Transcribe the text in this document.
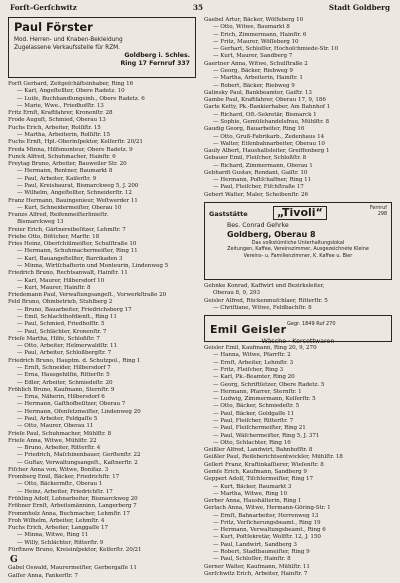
Forſt–Gerſchwitz	35	Stadt Goldberg
Paul Förster
Mod. Herren- und Knaben-Bekleidung
Zugelassene Verkaufsstelle für RZM.
Goldberg i. Schles.
Ring 17 Fernruf 337
Forſt Gerhard, Zeitgeſchäftsinhaber, Ring 16
— Karl, Angeſtellter, Obere Radetz. 10
— Luiſe, Buchhandlungsinh., Obere Radetz. 6
— Marie, Wwe., Friedhofſtr. 13
Fritz Ernſt, Kraftfahrer, Kronenſtr. 28
Frode Auguſt, Schmied, Oberau 13
Fuchs Erich, Arbeiter, Rolſiſtr. 15
— Martha, Arbeiterin, Rolſiſtr. 15
Fuchs Ernſt, Hpl.-Oberinſpektor, Kelſerſtr. 20/21
Freda Minna, Hilfsmonteur, Obere Radetz. 9
Funck Alfred, Schuhmacher, Hainſtr. 6
Freytag Bruno, Arbeiter, Bauweiler Str. 20
— Hermann, Rentner, Baumarkt 8
— Paul, Arbeiter, Kaiſerſtr. 9
— Paul, Kreisbaurat, Bismarckweg 5, J. 200
— Wilhelm, Angeſtellter, Schneiderſtr. 12
Franz Hermann, Bauingenieur, Weſtwerder 11
— Kurt, Schneidermeiſter, Oberau 10
Franze Alfred, Reifenmeiſterlinieſtr.
Bismarckweg 13
Freier Erich, Gärtnereibeſitzer, Lehmſtr. 7
Friebe Otto, Böttcher, Marſtr. 18
Fries Heinz, Oberſchülmeiſter, Schulſtraße 10
— Hermann, Schuhmachermeiſter, Ring 11
— Karl, Bauangeſtellter, Barrikaden 3
— Minna, Wirtſchafterin und Monteurin, Lindenweg 5
Friedrich Bruno, Rechtsanwalt, Hainſtr. 11
— Karl, Maurer, Hilbersdorf 10
— Kurt, Maurer, Hainſtr. 8
Friedemann Paul, Verwaltungsangeſt., Vorwerkſtraße 20
Feld Bruno, Ohmbetrieb, Stuhlberg 2
— Bruno, Bauarbeiter, Friedrichsberg 17
— Emil, Schlachthofdienſt., Ring 11
— Paul, Schmied, Friedhofſtr. 5
— Paul, Schlächter, Kronenſtr. 7
Frieſe Martha, Hilfe, Schloßſtr. 7
— Otto, Arbeiter, Helmerwaldſtr. 11
— Paul, Arbeiter, Schloßbergſtr. 7
Friedrich Bruno, Hauptm. d. Schutzpol., Ring 1
— Ernſt, Schneider, Hilbersdorf 7
— Erna, Hausgehilfin, Ritterſtr. 5
— Edler, Arbeiter, Schmiedeſtr. 20
Fröhlich Bruno, Kaufmann, Sternſtr. 9
— Erna, Näherin, Hilbersdorf 6
— Hermann, Gaſthofbeſitzer, Oberau 7
— Hermann, Ofenſetzmeiſter, Lindenweg 20
— Paul, Arbeiter, Feldgaſſe 5
— Otto, Maurer, Oberau 11
Frieſe Paul, Schuhmacher, Mühlſtr. 8
Frieſe Anna, Witwe, Mühlſtr. 22
— Bruno, Arbeiter, Ritterſtr. 4
— Friedrich, Maſchinenbauer, Gerſtenſtr. 22
— Guſtav, Verwaltungsangeſt., Kaſtnerſtr. 2
Fiſcher Anna von, Witwe, Bonifaz. 3
Fromberg Emil, Bäcker, Friedrichſtr. 17
— Otto, Bäckermſtr., Oberau 1
— Heinz, Arbeiter, Friedrichſtr. 17
Frühling Adolf, Lohnarbeiter, Bismarckweg 20
Fröhner Ernſt, Arbeitsmänninn, Langerberg 7
Frommholz Anna, Buchmacher, Lehmſtr. 17
Froh Wilhelm, Arbeiter, Lehmſtr. 4
Fuchs Erich, Arbeiter, Langgaſſe 17
— Minna, Witwe, Ring 11
— Willy, Schlächter, Ritterſtr. 9
Fürſtnow Bruno, Kreisinſpektor, Kelſerſtr. 20/21
G
Gabel Oswald, Maurermeiſter, Gerbergaſſe 11
Gaſſer Anna, Fankerſtr. 7
Gaebel Artur, Bäcker, Wöſſeberg 10
— Otto, Witwe, Baumarkt 8
— Erich, Zimmermann, Hainſtr. 6
— Fritz, Maurer, Wöſſeberg 10
— Gerhart, Schloſſer, Hochoſchmiede-Str. 10
— Kurt, Maurer, Sandberg 7
Gaertner Anna, Witwe, Schulſtraße 2
— Georg, Bäcker, Riebweg 9
— Martha, Arbeiterin, Hainſtr. 1
— Robert, Bäcker, Riebweg 9
Galinsky Paul, Bankbeamter, Gaiſtr. 13
Gambe Paul, Kraftfahrer, Oberau 17, 9, 186
Garte Ketty, Pk.-Bankierhaber, Am Bahnhof 1
— Richard, Oſt.-Sekretär, Bismarck 1
— Sophie, Gemüſehandelsfrau, Mühlſtr. 8
Gaudig Georg, Bauarbeiter, Ring 16
— Otto, Gruß-Fabrikarb., Zedenhaus 14
— Walter, Eiſenbahnarbeiter, Oberau 10
Gauly Albert, Haushaltsleiter, Greiffenberg 1
Gebauer Emil, Fleiſcher, Schloßſtr. 8
— Richard, Zimmermann, Oberau 1
Gebhardt Gustav, Rendant, Gaiſtr. 10
— Hermann, Poſtſchaffner, Ring 11
— Paul, Fleiſcher, Fiſchſtraße 17
Gebert Walter, Maler, Scheibenſtr. 26
Gaststätte	„Tivoli“	Fernruf
298
Bes. Conrad Gehrke
Goldberg, Oberau 8
Das volkstümliche Unterhaltungslokal
Zeitungen, Kaffee, Vereinszimmer, Ausgezeichnete Kleine
Vereins- u. Familienzimmer, K. Kaffee u. Bier
Gehnke Konrad, Kaffwirt und Bezirksleiter,
Oberau 8, 9, 293
Geisler Alfred, Rückenmuſchlaer, Ritterſtr. 5
— Chriſtiane, Witwe, Feldbachſtr. 8
Emil Geisler Gegr. 1849 Ruf 270
Wäsche · Korsettwaren
Geisler Emil, Kaufmann, Ring 20, 9, 270
— Hanna, Witwe, Pfarrſtr. 2
— Ernſt, Arbeiter, Lehmſtr. 3
— Fritz, Fleiſcher, Ring 3
— Karl, Pk.-Beamter, Ring 20
— Georg, Schriftſetzer, Obere Radetz. 5
— Hermann, Pfarrer, Sternſtr. 1
— Ludwig, Zimmermann, Kelſerſtr. 5
— Otto, Bäcker, Schmiedeſtr. 5
— Paul, Bäcker, Goldgaſſe 11
— Paul, Fleiſcher, Ritterſtr. 7
— Paul, Fleiſchermeiſter, Ring 21
— Paul, Wäſchermeiſter, Ring 5, J. 371
— Otto, Schlachter, Ring 16
Geißler Alfred, Landwirt, Bahnhofſtr. 8
Geißler Paul, Reiſeberichtsentwickler, Mühlſtr. 18
Gellert Franz, Kraftinkaſſierer, Wieſenſtr. 8
Gemſe Erich, Kaufmann, Sandberg 9
Geppert Adolf, Tiſchlermeiſter, Ring 17
— Kurt, Bäcker, Baumarkt 3
— Martha, Witwe, Ring 10
Gerber Anna, Haushälterin, Ring 1
Gerlach Anna, Witwe, Hermann-Göring-Str. 1
— Ernſt, Bahnarbeiter, Herrenweg 13
— Fritz, Verſicherungsbeamt., Ring 19
— Hermann, Verwaltungsbeamt., Ring 6
— Kurt, Poſtſekretär, Wolfſtr. 12, J. 150
— Paul, Landwirt, Sandberg 3
— Robert, Stadtbaumeiſter, Ring 9
— Paul, Schloſſer, Hainſtr. 8
Gerner Walter, Kaufmann, Mühlſtr. 11
Gerſchwitz Erich, Arbeiter, Hainſtr. 7
